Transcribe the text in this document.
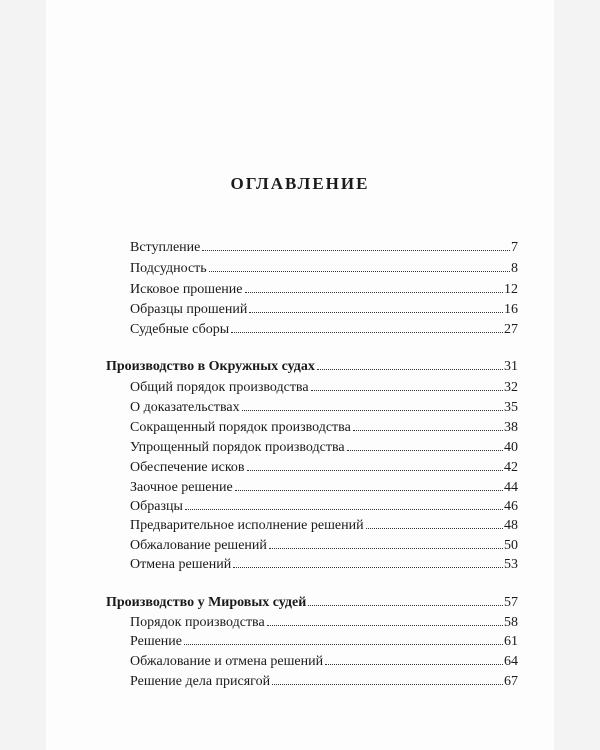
ОГЛАВЛЕНИЕ
Вступление	7
Подсудность	8
Исковое прошение	12
Образцы прошений	16
Судебные сборы	27
Производство в Окружных судах	31
Общий порядок производства	32
О доказательствах	35
Сокращенный порядок производства	38
Упрощенный порядок производства	40
Обеспечение исков	42
Заочное решение	44
Образцы	46
Предварительное исполнение решений	48
Обжалование решений	50
Отмена решений	53
Производство у Мировых судей	57
Порядок производства	58
Решение	61
Обжалование и отмена решений	64
Решение дела присягой	67
